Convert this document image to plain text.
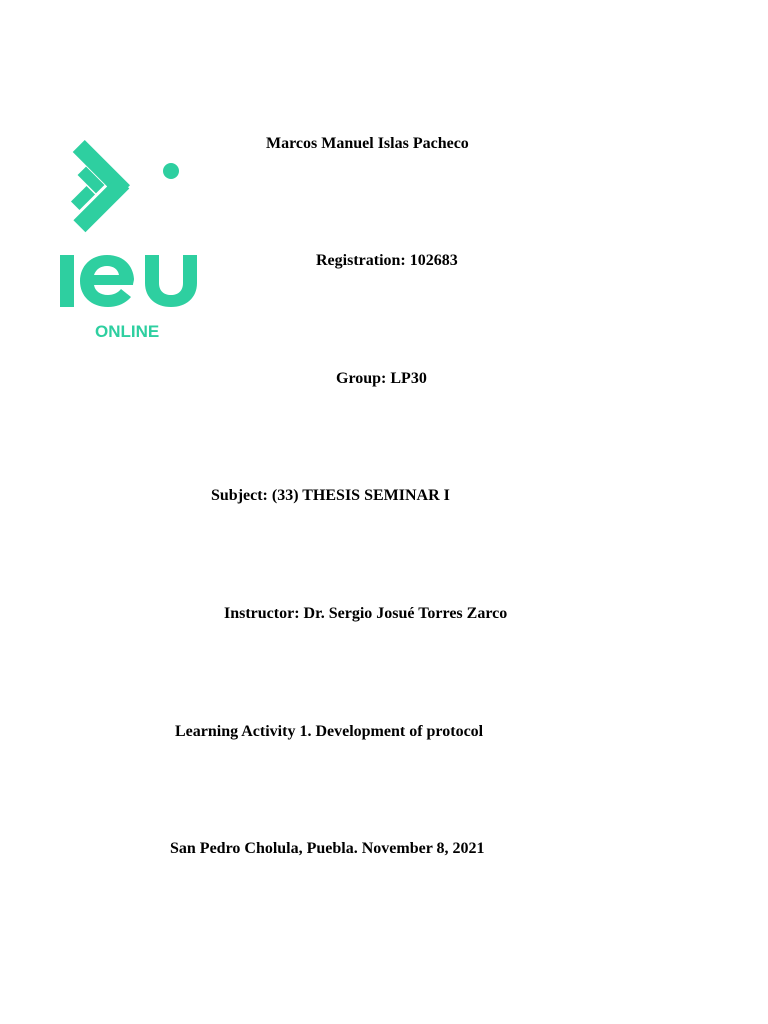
ONLINE
Marcos Manuel Islas Pacheco
Registration: 102683
Group: LP30
Subject: (33) THESIS SEMINAR I
Instructor: Dr. Sergio Josué Torres Zarco
Learning Activity 1. Development of protocol
San Pedro Cholula, Puebla. November 8, 2021
